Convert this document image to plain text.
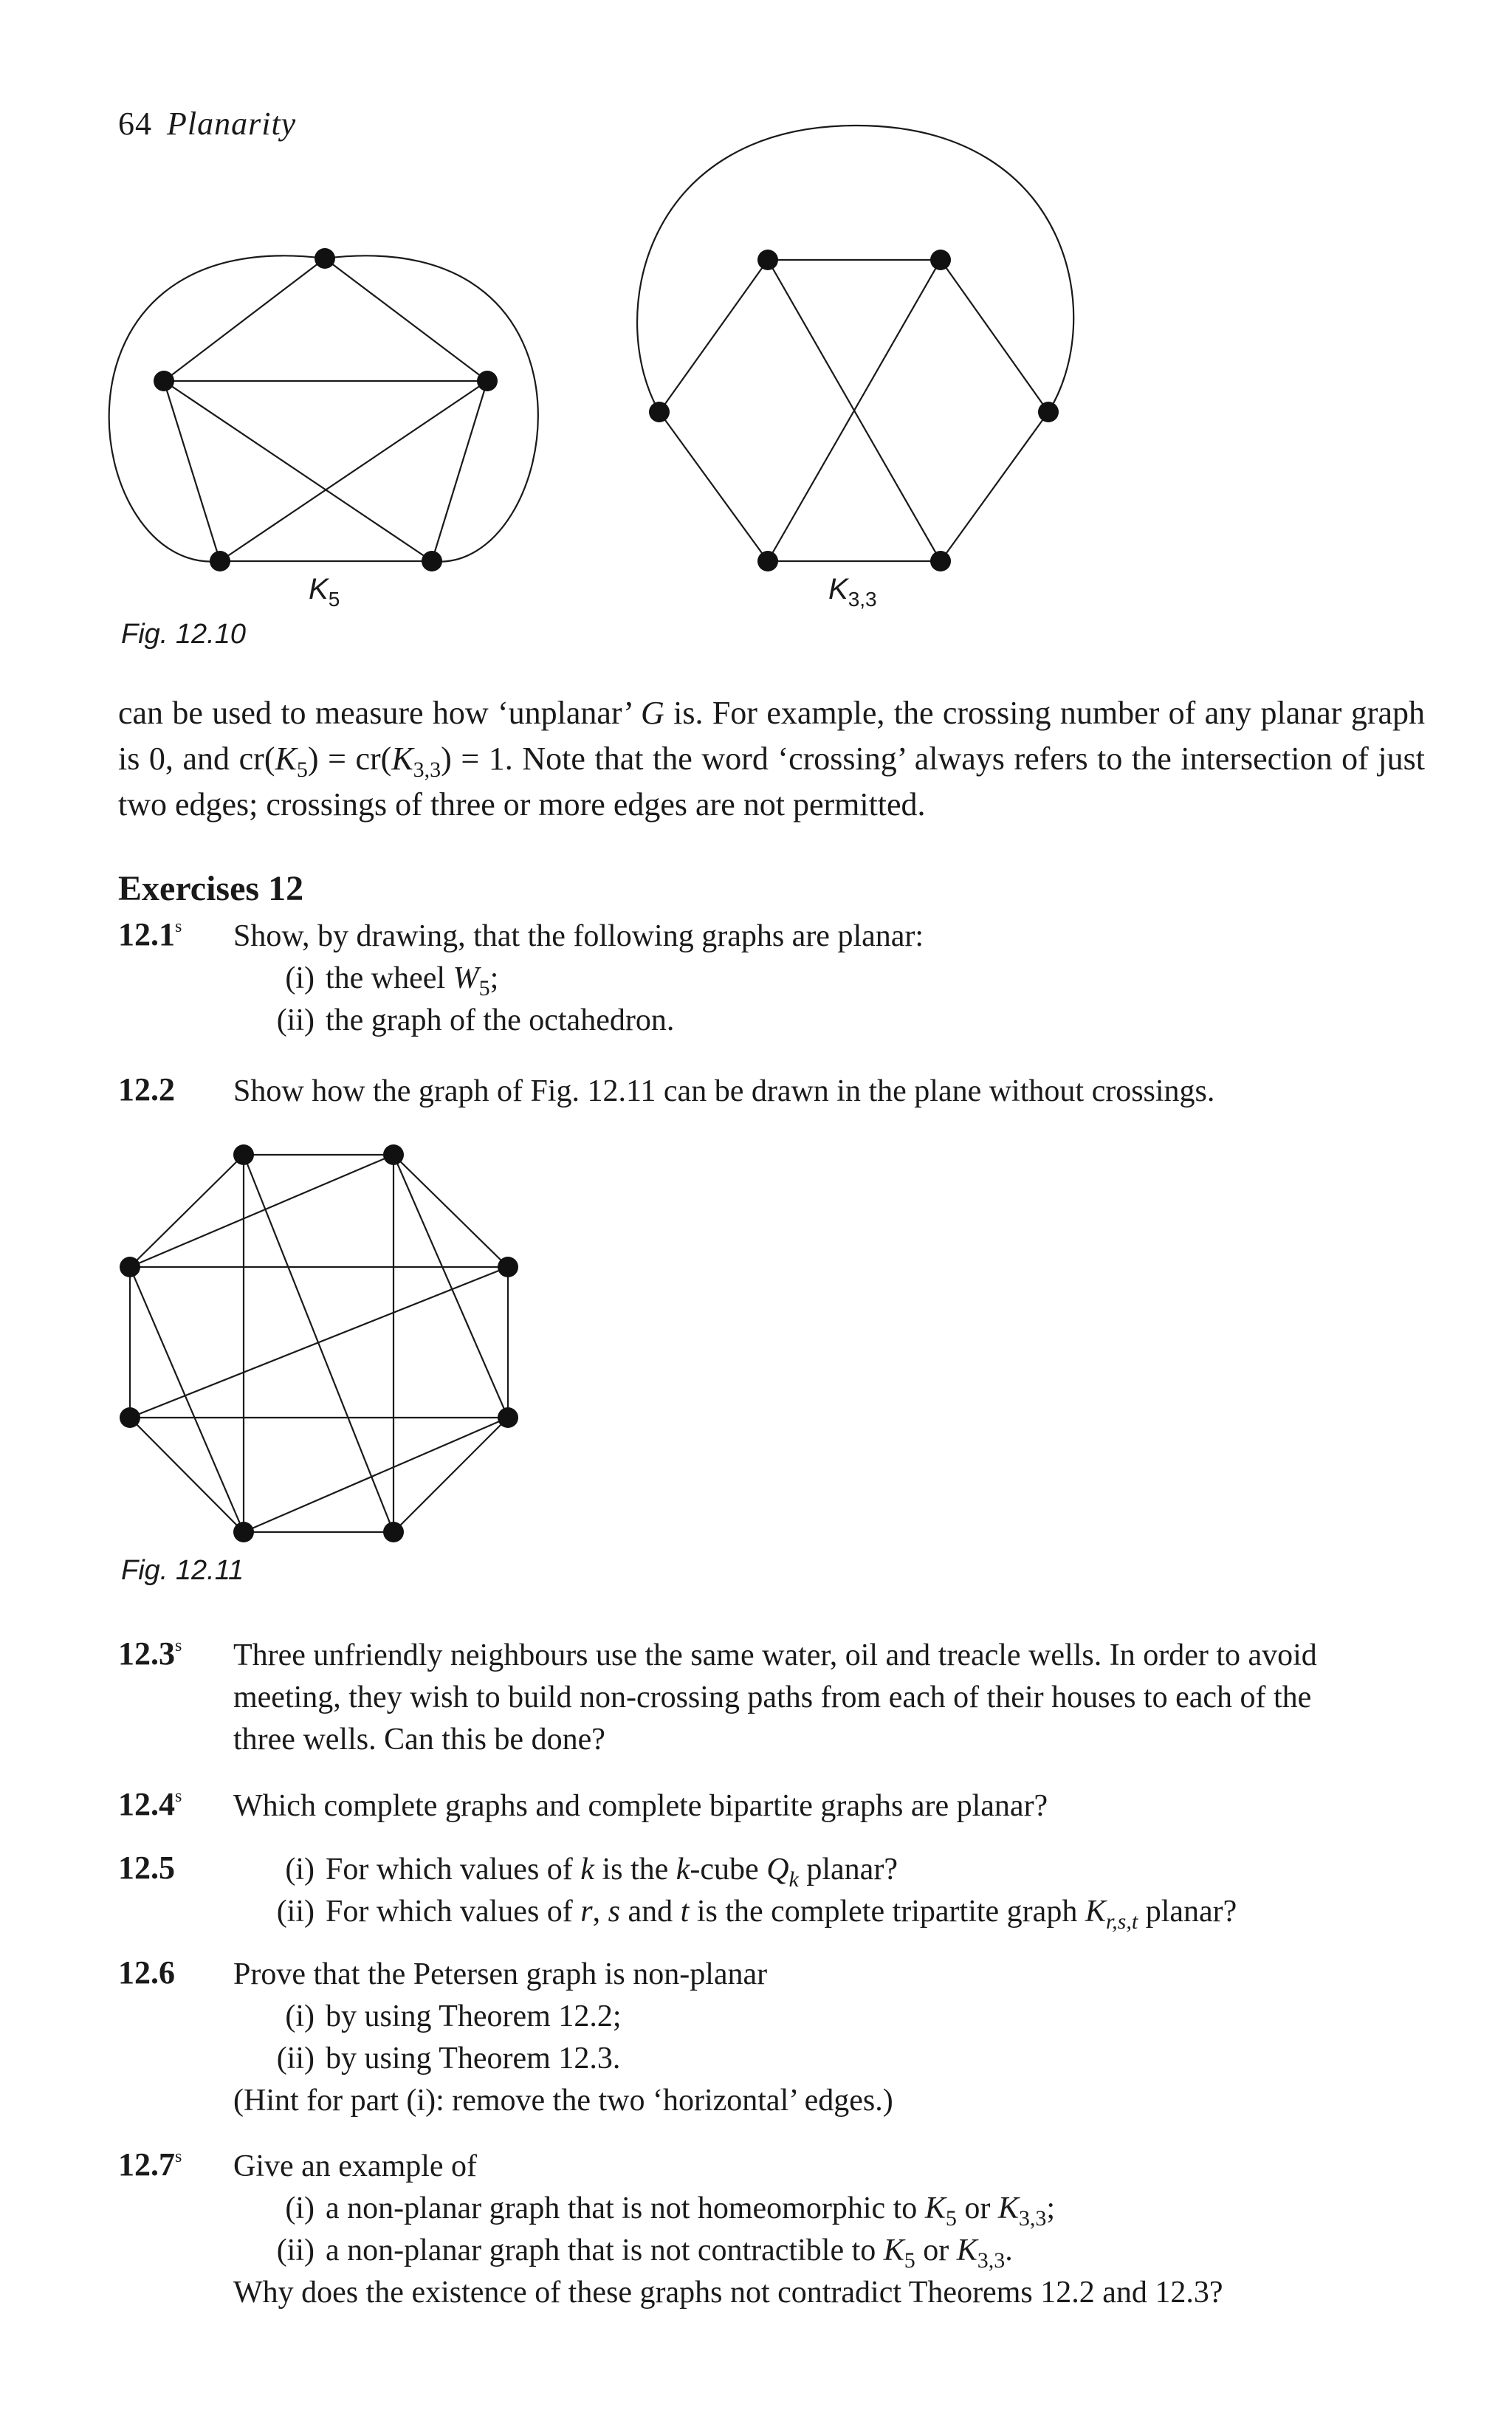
64 Planarity
$K_5$	$K_{3,3}$
Fig. 12.10
can be used to measure how ‘unplanar’ G is. For example, the crossing number of any planar graph is 0, and $cr(K_5) = cr(K_{3,3}) = 1$. Note that the word ‘crossing’ always refers to the intersection of just two edges; crossings of three or more edges are not permitted.
Exercises 12
12.1$^s$	Show, by drawing, that the following graphs are planar:
(i) the wheel $W_5$;
(ii) the graph of the octahedron.
12.2	Show how the graph of Fig. 12.11 can be drawn in the plane without crossings.
Fig. 12.11
12.3$^s$	Three unfriendly neighbours use the same water, oil and treacle wells. In order to avoid
meeting, they wish to build non-crossing paths from each of their houses to each of the
three wells. Can this be done?
12.4$^s$	Which complete graphs and complete bipartite graphs are planar?
12.5	(i) For which values of k is the k-cube $Q_k$ planar?
(ii) For which values of r, s and t is the complete tripartite graph $K_{r,s,t}$ planar?
12.6	Prove that the Petersen graph is non-planar
(i) by using Theorem 12.2;
(ii) by using Theorem 12.3.
(Hint for part (i): remove the two ‘horizontal’ edges.)
12.7$^s$	Give an example of
(i) a non-planar graph that is not homeomorphic to $K_5$ or $K_{3,3}$;
(ii) a non-planar graph that is not contractible to $K_5$ or $K_{3,3}$.
Why does the existence of these graphs not contradict Theorems 12.2 and 12.3?
